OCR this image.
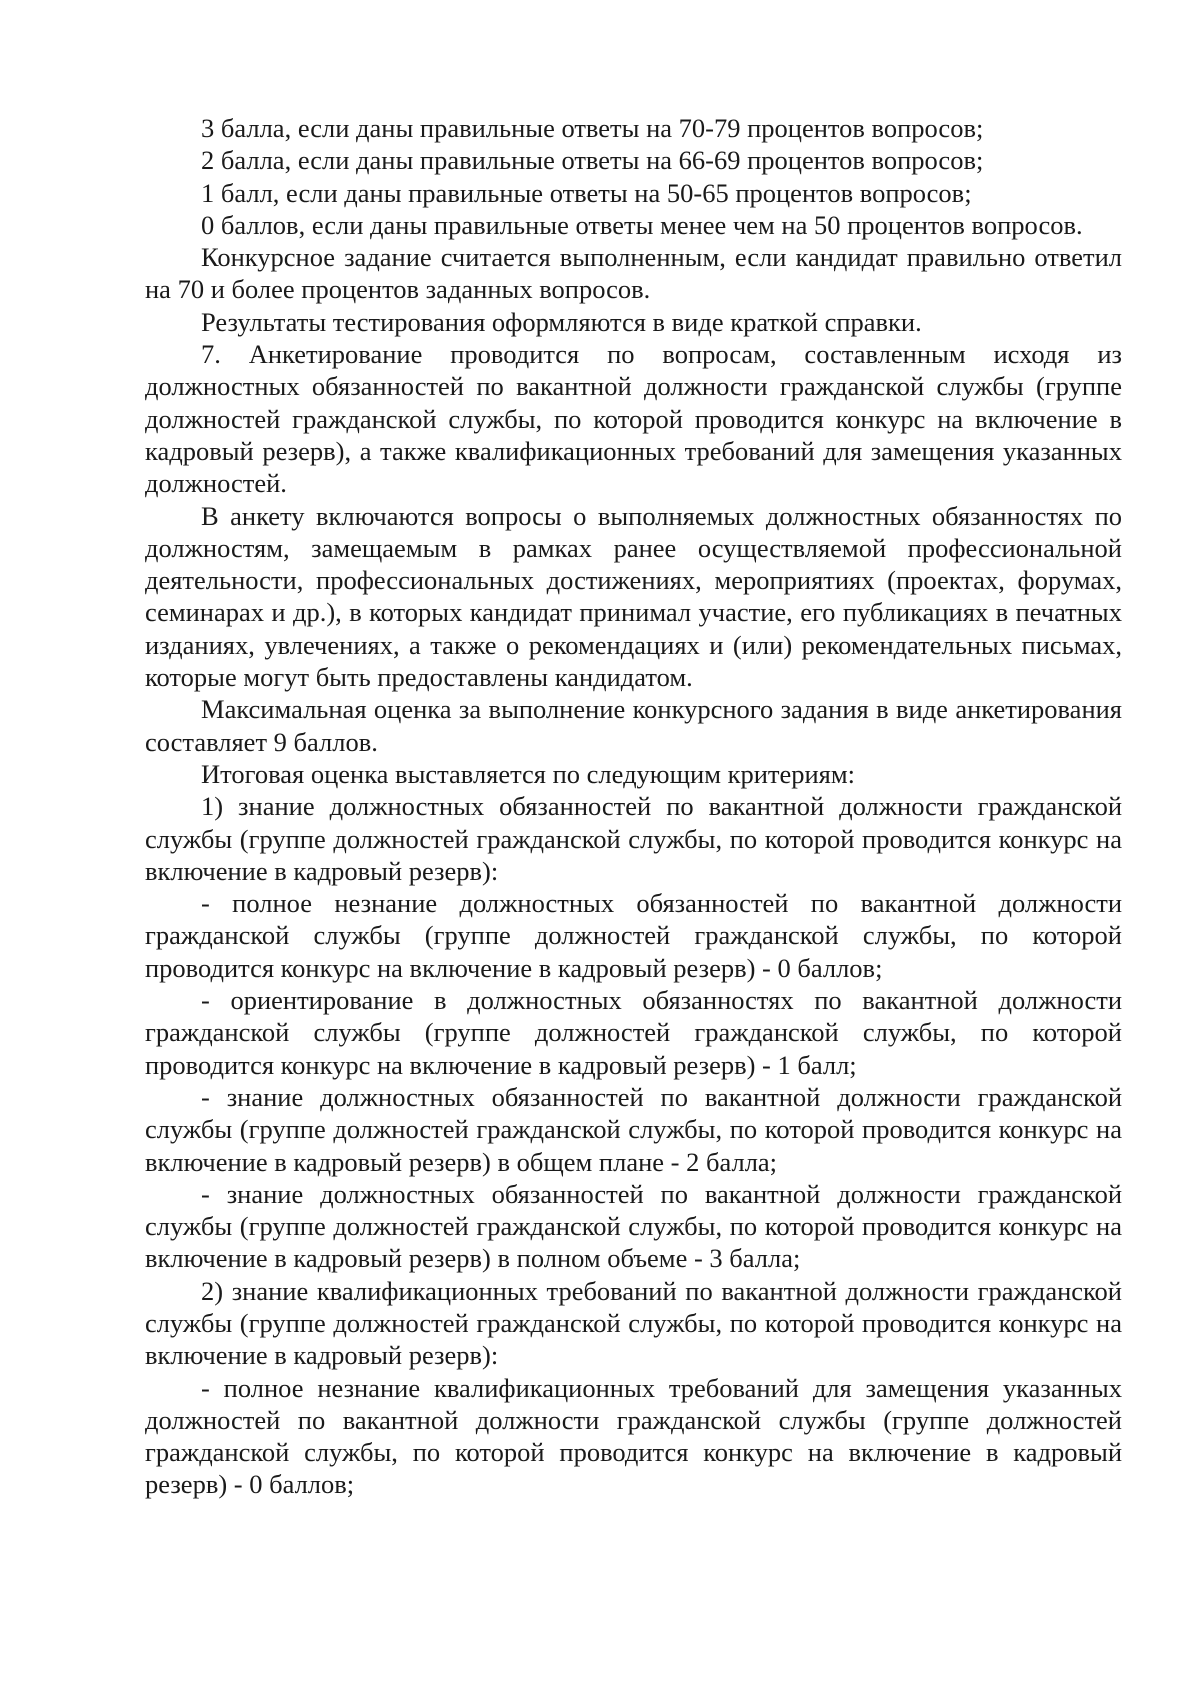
3 балла, если даны правильные ответы на 70-79 процентов вопросов;

2 балла, если даны правильные ответы на 66-69 процентов вопросов;

1 балл, если даны правильные ответы на 50-65 процентов вопросов;

0 баллов, если даны правильные ответы менее чем на 50 процентов вопросов.

Конкурсное задание считается выполненным, если кандидат правильно ответил на 70 и более процентов заданных вопросов.

Результаты тестирования оформляются в виде краткой справки.

7. Анкетирование проводится по вопросам, составленным исходя из должностных обязанностей по вакантной должности гражданской службы (группе должностей гражданской службы, по которой проводится конкурс на включение в кадровый резерв), а также квалификационных требований для замещения указанных должностей.

В анкету включаются вопросы о выполняемых должностных обязанностях по должностям, замещаемым в рамках ранее осуществляемой профессиональной деятельности, профессиональных достижениях, мероприятиях (проектах, форумах, семинарах и др.), в которых кандидат принимал участие, его публикациях в печатных изданиях, увлечениях, а также о рекомендациях и (или) рекомендательных письмах, которые могут быть предоставлены кандидатом.

Максимальная оценка за выполнение конкурсного задания в виде анкетирования составляет 9 баллов.

Итоговая оценка выставляется по следующим критериям:

1) знание должностных обязанностей по вакантной должности гражданской службы (группе должностей гражданской службы, по которой проводится конкурс на включение в кадровый резерв):

- полное незнание должностных обязанностей по вакантной должности гражданской службы (группе должностей гражданской службы, по которой проводится конкурс на включение в кадровый резерв) - 0 баллов;

- ориентирование в должностных обязанностях по вакантной должности гражданской службы (группе должностей гражданской службы, по которой проводится конкурс на включение в кадровый резерв) - 1 балл;

- знание должностных обязанностей по вакантной должности гражданской службы (группе должностей гражданской службы, по которой проводится конкурс на включение в кадровый резерв) в общем плане - 2 балла;

- знание должностных обязанностей по вакантной должности гражданской службы (группе должностей гражданской службы, по которой проводится конкурс на включение в кадровый резерв) в полном объеме - 3 балла;

2) знание квалификационных требований по вакантной должности гражданской службы (группе должностей гражданской службы, по которой проводится конкурс на включение в кадровый резерв):

- полное незнание квалификационных требований для замещения указанных должностей по вакантной должности гражданской службы (группе должностей гражданской службы, по которой проводится конкурс на включение в кадровый резерв) - 0 баллов;
